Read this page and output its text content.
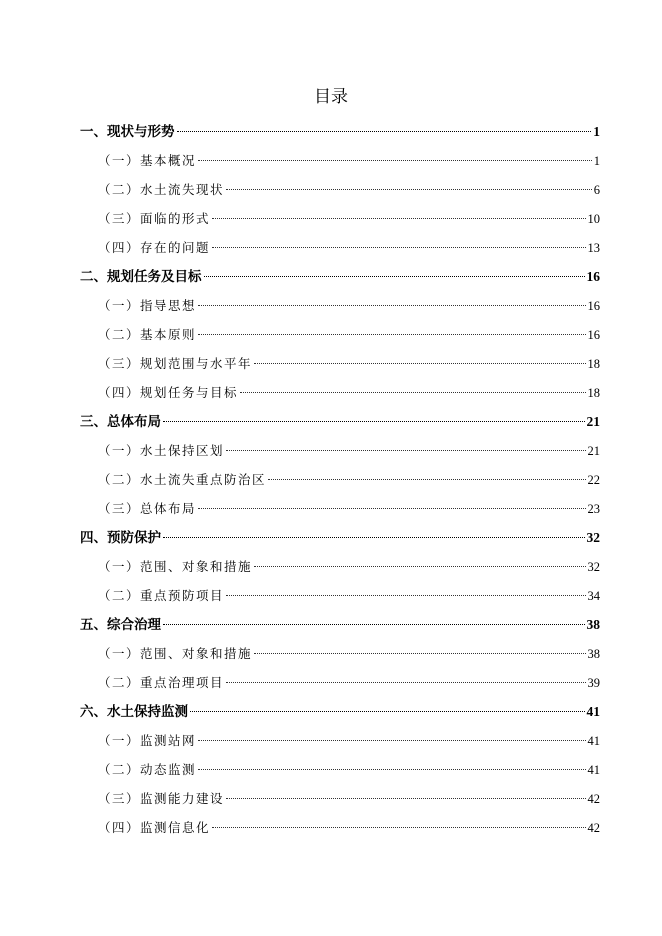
目录
一、现状与形势	1
（一）基本概况	1
（二）水土流失现状	6
（三）面临的形式	10
（四）存在的问题	13
二、规划任务及目标	16
（一）指导思想	16
（二）基本原则	16
（三）规划范围与水平年	18
（四）规划任务与目标	18
三、总体布局	21
（一）水土保持区划	21
（二）水土流失重点防治区	22
（三）总体布局	23
四、预防保护	32
（一）范围、对象和措施	32
（二）重点预防项目	34
五、综合治理	38
（一）范围、对象和措施	38
（二）重点治理项目	39
六、水土保持监测	41
（一）监测站网	41
（二）动态监测	41
（三）监测能力建设	42
（四）监测信息化	42
